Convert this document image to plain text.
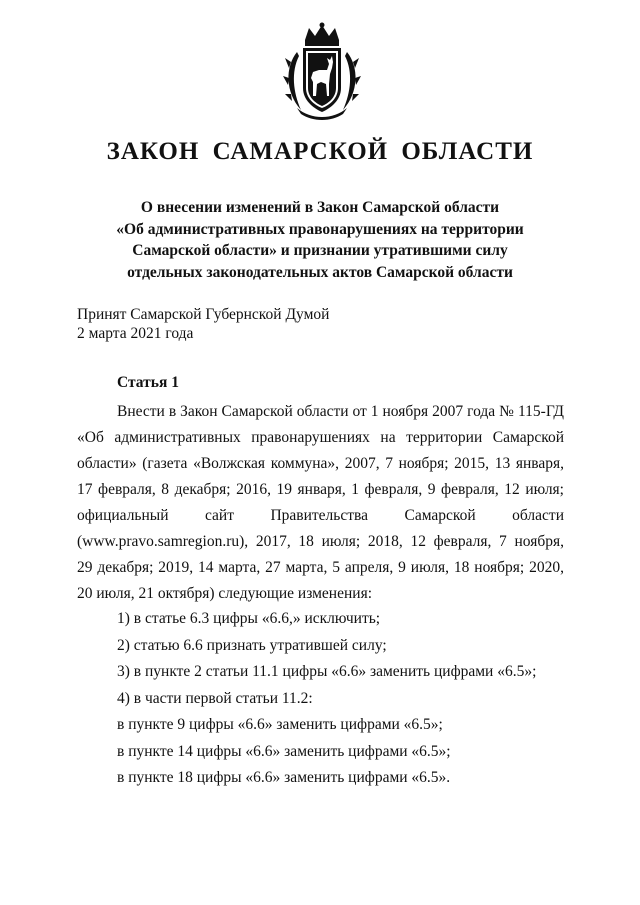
ЗАКОН САМАРСКОЙ ОБЛАСТИ
О внесении изменений в Закон Самарской области
«Об административных правонарушениях на территории
Самарской области» и признании утратившими силу
отдельных законодательных актов Самарской области
Принят Самарской Губернской Думой
2 марта 2021 года
Статья 1
Внести в Закон Самарской области от 1 ноября 2007 года № 115-ГД
«Об административных правонарушениях на территории Самарской
области» (газета «Волжская коммуна», 2007, 7 ноября; 2015, 13 января,
17 февраля, 8 декабря; 2016, 19 января, 1 февраля, 9 февраля, 12 июля;
официальный сайт Правительства Самарской области
(www.pravo.samregion.ru), 2017, 18 июля; 2018, 12 февраля, 7 ноября,
29 декабря; 2019, 14 марта, 27 марта, 5 апреля, 9 июля, 18 ноября; 2020,
20 июля, 21 октября) следующие изменения:
1) в статье 6.3 цифры «6.6,» исключить;
2) статью 6.6 признать утратившей силу;
3) в пункте 2 статьи 11.1 цифры «6.6» заменить цифрами «6.5»;
4) в части первой статьи 11.2:
в пункте 9 цифры «6.6» заменить цифрами «6.5»;
в пункте 14 цифры «6.6» заменить цифрами «6.5»;
в пункте 18 цифры «6.6» заменить цифрами «6.5».
